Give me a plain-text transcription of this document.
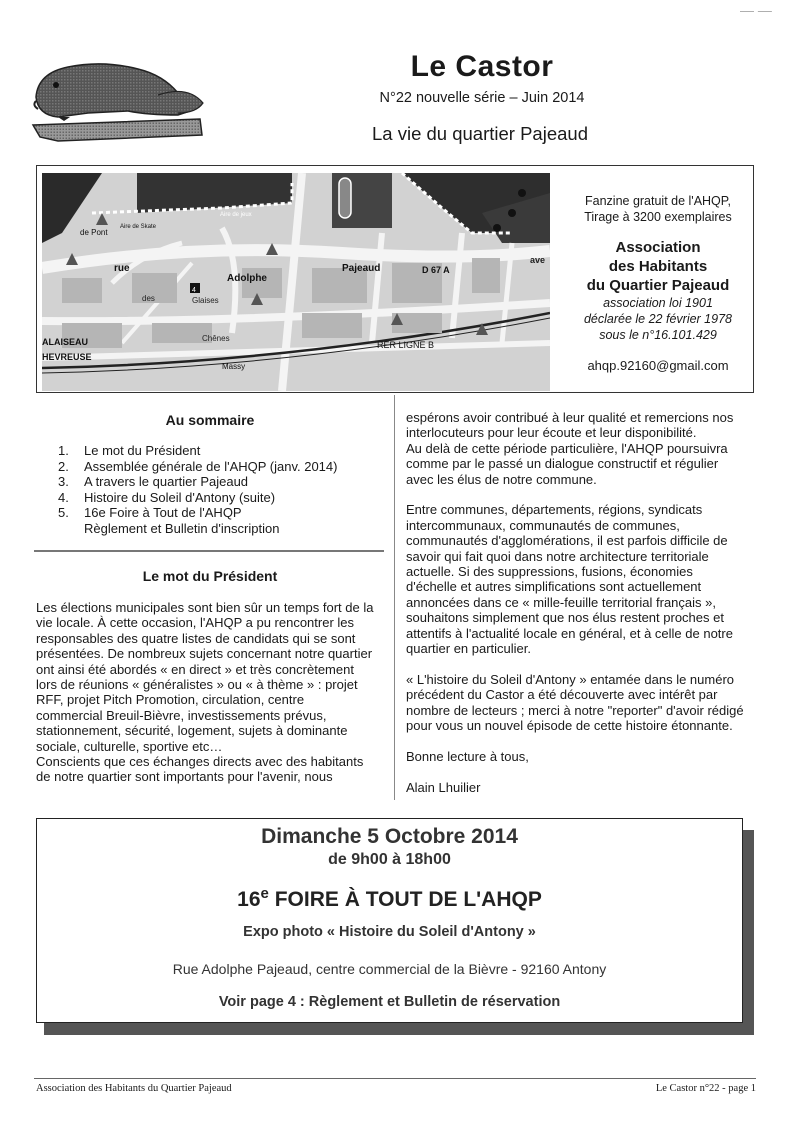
— —
Le Castor
N°22 nouvelle série – Juin 2014
La vie du quartier Pajeaud
4
ave
Aire de jeux
Aire de Skate
de Pont
rue
Adolphe
Pajeaud	D 67 A
Glaises
des
Chênes
ALAISEAU
HEVREUSE
RER LIGNE B
Massy
Fanzine gratuit de l'AHQP,
Tirage à 3200 exemplaires
Association
des Habitants
du Quartier Pajeaud
association loi 1901
déclarée le 22 février 1978
sous le n°16.101.429
ahqp.92160@gmail.com
Au sommaire
1.	Le mot du Président
2.	Assemblée générale de l'AHQP (janv. 2014)
3.	A travers le quartier Pajeaud
4.	Histoire du Soleil d'Antony (suite)
5.	16e Foire à Tout de l'AHQP
Règlement et Bulletin d'inscription
Le mot du Président
Les élections municipales sont bien sûr un temps fort de la
vie locale. À cette occasion, l'AHQP a pu rencontrer les
responsables des quatre listes de candidats qui se sont
présentées. De nombreux sujets concernant notre quartier
ont ainsi été abordés « en direct » et très concrètement
lors de réunions « généralistes » ou « à thème » : projet
RFF, projet Pitch Promotion, circulation, centre
commercial Breuil-Bièvre, investissements prévus,
stationnement, sécurité, logement, sujets à dominante
sociale, culturelle, sportive etc…
Conscients que ces échanges directs avec des habitants
de notre quartier sont importants pour l'avenir, nous
espérons avoir contribué à leur qualité et remercions nos
interlocuteurs pour leur écoute et leur disponibilité.
Au delà de cette période particulière, l'AHQP poursuivra
comme par le passé un dialogue constructif et régulier
avec les élus de notre commune.
Entre communes, départements, régions, syndicats
intercommunaux, communautés de communes,
communautés d'agglomérations, il est parfois difficile de
savoir qui fait quoi dans notre architecture territoriale
actuelle. Si des suppressions, fusions, économies
d'échelle et autres simplifications sont actuellement
annoncées dans ce « mille-feuille territorial français »,
souhaitons simplement que nos élus restent proches et
attentifs à l'actualité locale en général, et à celle de notre
quartier en particulier.
« L'histoire du Soleil d'Antony » entamée dans le numéro
précédent du Castor a été découverte avec intérêt par
nombre de lecteurs ; merci à notre "reporter" d'avoir rédigé
pour vous un nouvel épisode de cette histoire étonnante.
Bonne lecture à tous,
Alain Lhuilier
Dimanche 5 Octobre 2014
de 9h00 à 18h00
16e FOIRE À TOUT DE L'AHQP
Expo photo « Histoire du Soleil d'Antony »
Rue Adolphe Pajeaud, centre commercial de la Bièvre - 92160 Antony
Voir page 4 : Règlement et Bulletin de réservation
Association des Habitants du Quartier Pajeaud	Le Castor n°22 - page 1
